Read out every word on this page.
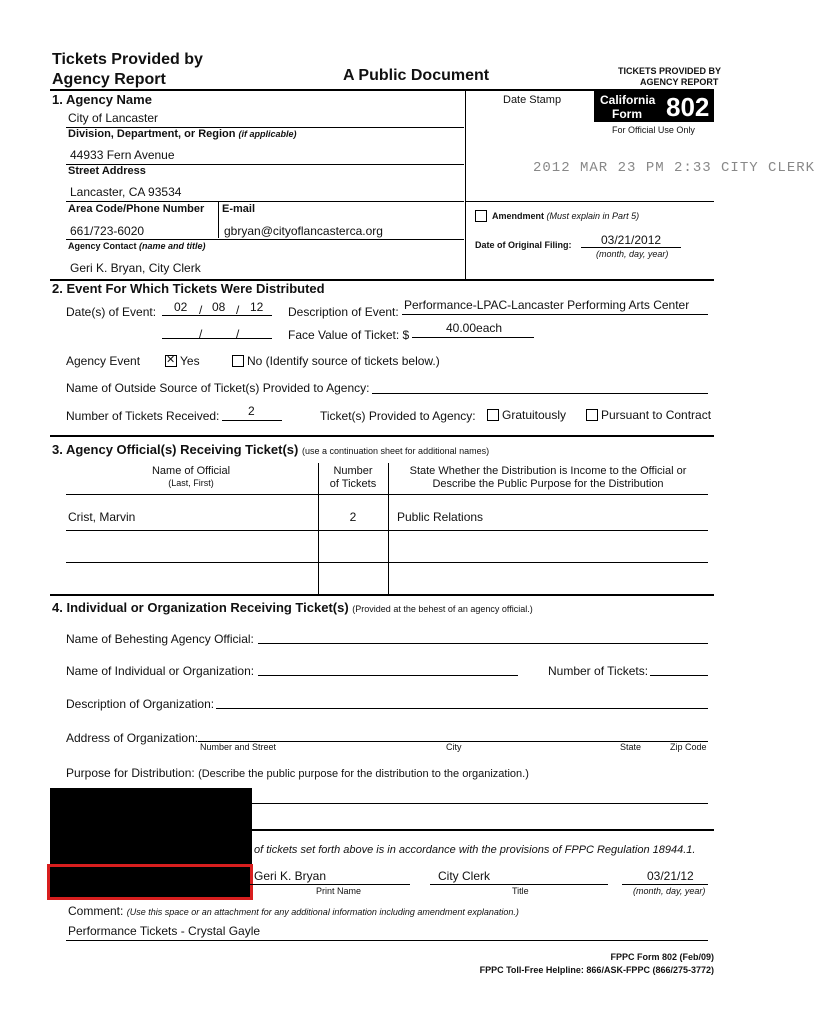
Tickets Provided by
Agency Report	A Public Document	TICKETS PROVIDED BY
AGENCY REPORT
California
Form 802
For Official Use Only
Date Stamp
2012 MAR 23 PM 2:33 CITY CLERK
1. Agency Name
City of Lancaster
Division, Department, or Region (if applicable)
44933 Fern Avenue
Street Address
Lancaster, CA 93534
Area Code/Phone Number E-mail
661/723-6020	gbryan@cityoflancasterca.org
Agency Contact (name and title)
Geri K. Bryan, City Clerk
Amendment (Must explain in Part 5)
Date of Original Filing: 03/21/2012
(month, day, year)
2. Event For Which Tickets Were Distributed
Date(s) of Event: 02 / 08 / 12 Description of Event: Performance-LPAC-Lancaster Performing Arts Center
/	/	Face Value of Ticket: $	40.00each
Agency Event
✕	Yes	No (Identify source of tickets below.)
Name of Outside Source of Ticket(s) Provided to Agency:
Number of Tickets Received: 2	Ticket(s) Provided to Agency: Gratuitously	Pursuant to Contract
3. Agency Official(s) Receiving Ticket(s) (use a continuation sheet for additional names)
Name of Official
(Last, First)
Number
of Tickets
State Whether the Distribution is Income to the Official or
Describe the Public Purpose for the Distribution
Crist, Marvin	2	Public Relations
4. Individual or Organization Receiving Ticket(s) (Provided at the behest of an agency official.)
Name of Behesting Agency Official:
Name of Individual or Organization:	Number of Tickets:
Description of Organization:
Address of Organization:
Number and Street	City	State	Zip Code
Purpose for Distribution: (Describe the public purpose for the distribution to the organization.)
of tickets set forth above is in accordance with the provisions of FPPC Regulation 18944.1.
Geri K. Bryan	City Clerk	03/21/12
Print Name	Title	(month, day, year)
Comment: (Use this space or an attachment for any additional information including amendment explanation.)
Performance Tickets - Crystal Gayle
FPPC Form 802 (Feb/09)
FPPC Toll-Free Helpline: 866/ASK-FPPC (866/275-3772)
